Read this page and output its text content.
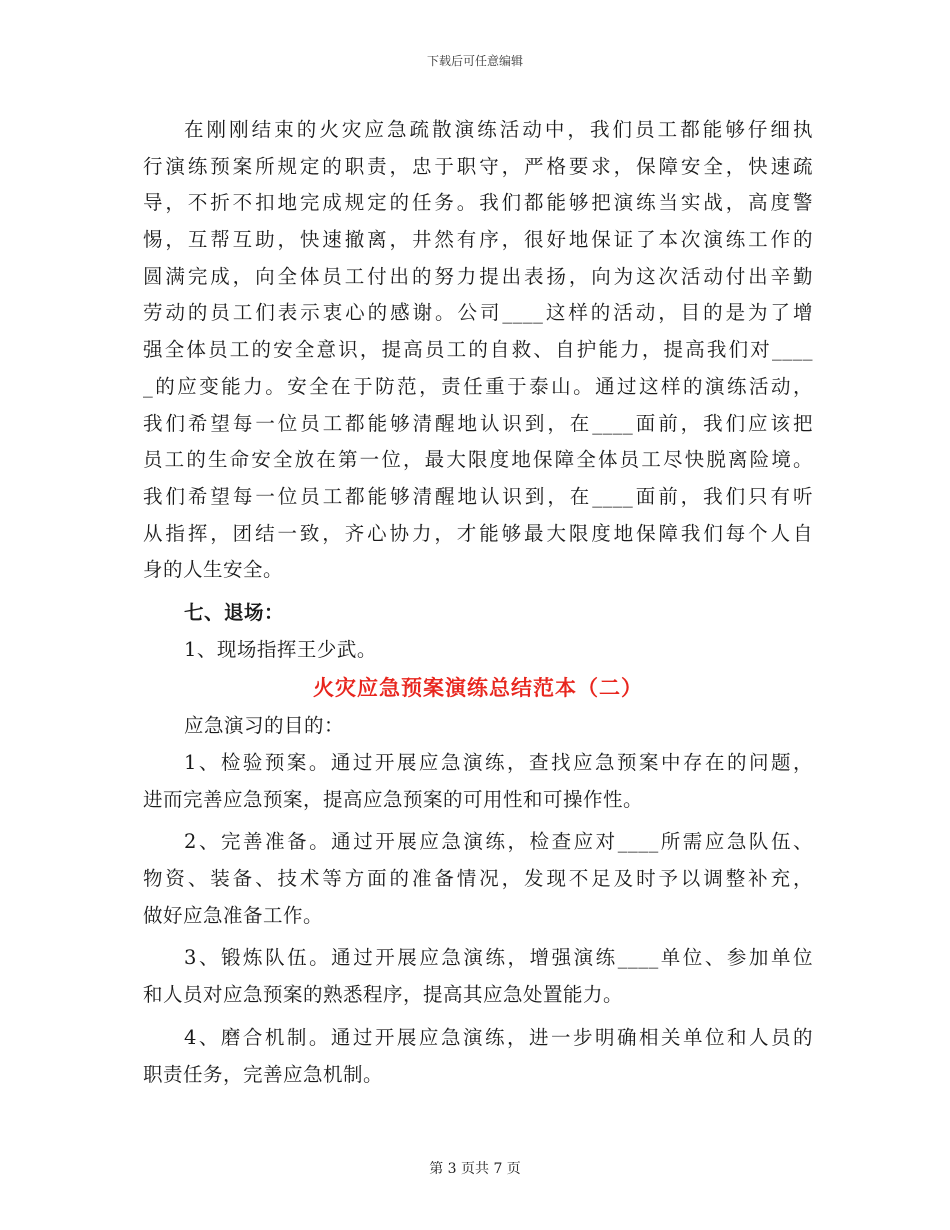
下载后可任意编辑
在刚刚结束的火灾应急疏散演练活动中，我们员工都能够仔细执
行演练预案所规定的职责，忠于职守，严格要求，保障安全，快速疏
导，不折不扣地完成规定的任务。我们都能够把演练当实战，高度警
惕，互帮互助，快速撤离，井然有序，很好地保证了本次演练工作的
圆满完成，向全体员工付出的努力提出表扬，向为这次活动付出辛勤
劳动的员工们表示衷心的感谢。公司____这样的活动，目的是为了增
强全体员工的安全意识，提高员工的自救、自护能力，提高我们对____
_的应变能力。安全在于防范，责任重于泰山。通过这样的演练活动，
我们希望每一位员工都能够清醒地认识到，在____面前，我们应该把
员工的生命安全放在第一位，最大限度地保障全体员工尽快脱离险境。
我们希望每一位员工都能够清醒地认识到，在____面前，我们只有听
从指挥，团结一致，齐心协力，才能够最大限度地保障我们每个人自
身的人生安全。
七、退场：
1、现场指挥王少武。
火灾应急预案演练总结范本（二）
应急演习的目的：
1、检验预案。通过开展应急演练，查找应急预案中存在的问题，
进而完善应急预案，提高应急预案的可用性和可操作性。
2、完善准备。通过开展应急演练，检查应对____所需应急队伍、
物资、装备、技术等方面的准备情况，发现不足及时予以调整补充，
做好应急准备工作。
3、锻炼队伍。通过开展应急演练，增强演练____单位、参加单位
和人员对应急预案的熟悉程序，提高其应急处置能力。
4、磨合机制。通过开展应急演练，进一步明确相关单位和人员的
职责任务，完善应急机制。
第 3 页共 7 页
